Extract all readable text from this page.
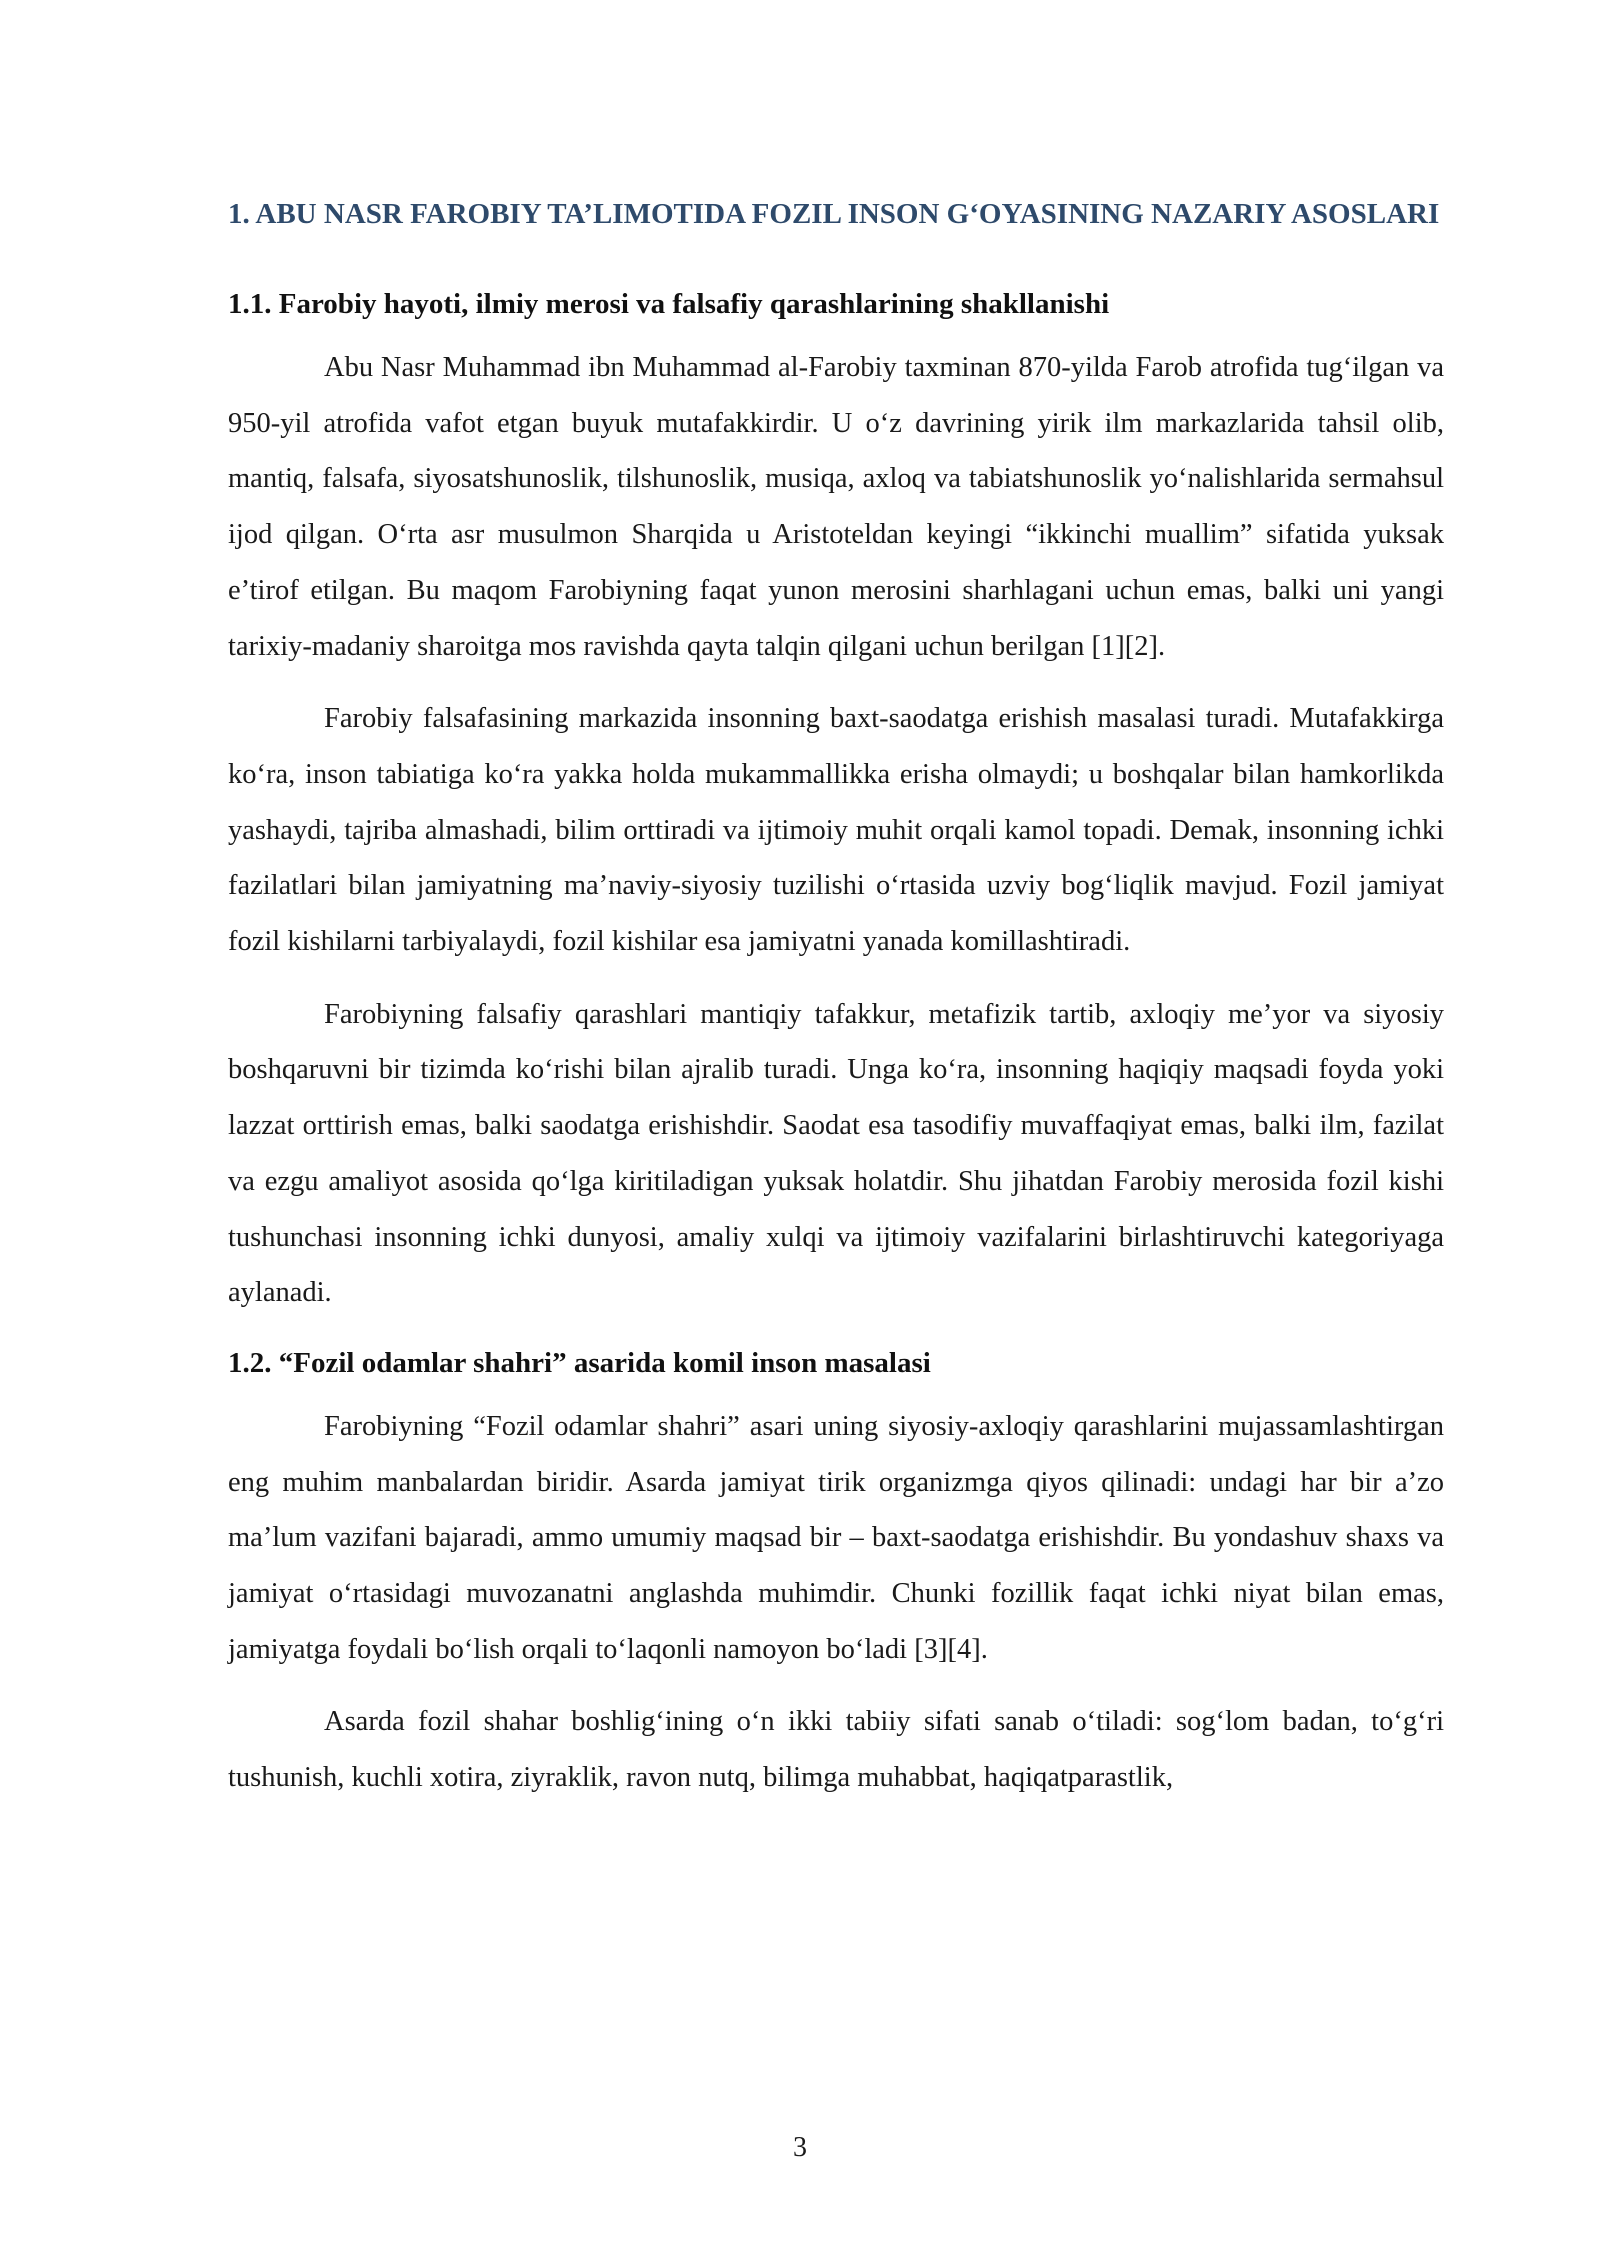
1. ABU NASR FAROBIY TA’LIMOTIDA FOZIL INSON G‘OYASINING NAZARIY ASOSLARI
1.1. Farobiy hayoti, ilmiy merosi va falsafiy qarashlarining shakllanishi

Abu Nasr Muhammad ibn Muhammad al-Farobiy taxminan 870-yilda Farob atrofida tug‘ilgan va 950-yil atrofida vafot etgan buyuk mutafakkirdir. U o‘z davrining yirik ilm markazlarida tahsil olib, mantiq, falsafa, siyosatshunoslik, tilshunoslik, musiqa, axloq va tabiatshunoslik yo‘nalishlarida sermahsul ijod qilgan. O‘rta asr musulmon Sharqida u Aristoteldan keyingi “ikkinchi muallim” sifatida yuksak e’tirof etilgan. Bu maqom Farobiyning faqat yunon merosini sharhlagani uchun emas, balki uni yangi tarixiy-madaniy sharoitga mos ravishda qayta talqin qilgani uchun berilgan [1][2].

Farobiy falsafasining markazida insonning baxt-saodatga erishish masalasi turadi. Mutafakkirga ko‘ra, inson tabiatiga ko‘ra yakka holda mukammallikka erisha olmaydi; u boshqalar bilan hamkorlikda yashaydi, tajriba almashadi, bilim orttiradi va ijtimoiy muhit orqali kamol topadi. Demak, insonning ichki fazilatlari bilan jamiyatning ma’naviy-siyosiy tuzilishi o‘rtasida uzviy bog‘liqlik mavjud. Fozil jamiyat fozil kishilarni tarbiyalaydi, fozil kishilar esa jamiyatni yanada komillashtiradi.

Farobiyning falsafiy qarashlari mantiqiy tafakkur, metafizik tartib, axloqiy me’yor va siyosiy boshqaruvni bir tizimda ko‘rishi bilan ajralib turadi. Unga ko‘ra, insonning haqiqiy maqsadi foyda yoki lazzat orttirish emas, balki saodatga erishishdir. Saodat esa tasodifiy muvaffaqiyat emas, balki ilm, fazilat va ezgu amaliyot asosida qo‘lga kiritiladigan yuksak holatdir. Shu jihatdan Farobiy merosida fozil kishi tushunchasi insonning ichki dunyosi, amaliy xulqi va ijtimoiy vazifalarini birlashtiruvchi kategoriyaga aylanadi.

1.2. “Fozil odamlar shahri” asarida komil inson masalasi

Farobiyning “Fozil odamlar shahri” asari uning siyosiy-axloqiy qarashlarini mujassamlashtirgan eng muhim manbalardan biridir. Asarda jamiyat tirik organizmga qiyos qilinadi: undagi har bir a’zo ma’lum vazifani bajaradi, ammo umumiy maqsad bir – baxt-saodatga erishishdir. Bu yondashuv shaxs va jamiyat o‘rtasidagi muvozanatni anglashda muhimdir. Chunki fozillik faqat ichki niyat bilan emas, jamiyatga foydali bo‘lish orqali to‘laqonli namoyon bo‘ladi [3][4].

Asarda fozil shahar boshlig‘ining o‘n ikki tabiiy sifati sanab o‘tiladi: sog‘lom badan, to‘g‘ri tushunish, kuchli xotira, ziyraklik, ravon nutq, bilimga muhabbat, haqiqatparastlik,

3
